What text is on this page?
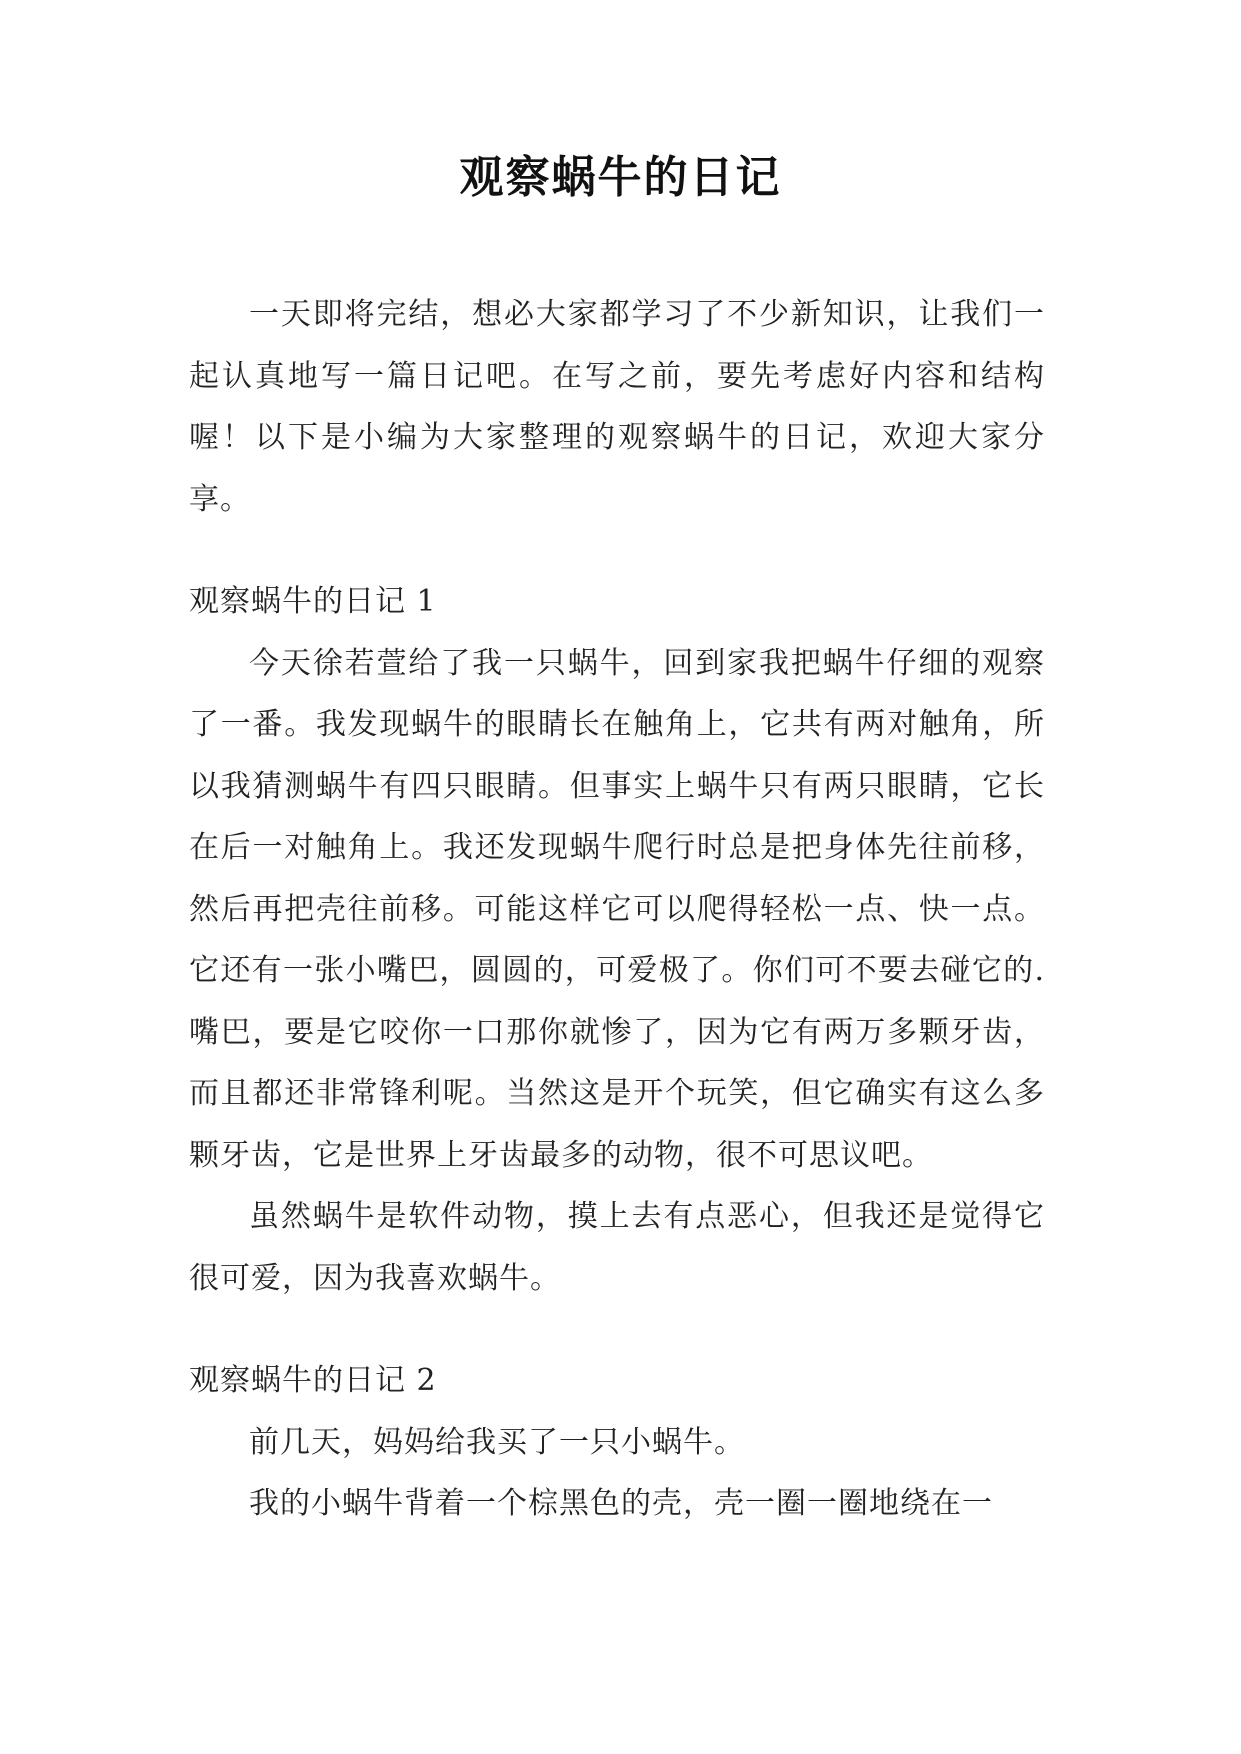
观察蜗牛的日记

一天即将完结，想必大家都学习了不少新知识，让我们一起认真地写一篇日记吧。在写之前，要先考虑好内容和结构喔！以下是小编为大家整理的观察蜗牛的日记，欢迎大家分享。

观察蜗牛的日记 1

今天徐若萱给了我一只蜗牛，回到家我把蜗牛仔细的观察了一番。我发现蜗牛的眼睛长在触角上，它共有两对触角，所以我猜测蜗牛有四只眼睛。但事实上蜗牛只有两只眼睛，它长在后一对触角上。我还发现蜗牛爬行时总是把身体先往前移，然后再把壳往前移。可能这样它可以爬得轻松一点、快一点。它还有一张小嘴巴，圆圆的，可爱极了。你们可不要去碰它的.嘴巴，要是它咬你一口那你就惨了，因为它有两万多颗牙齿，而且都还非常锋利呢。当然这是开个玩笑，但它确实有这么多颗牙齿，它是世界上牙齿最多的动物，很不可思议吧。

虽然蜗牛是软件动物，摸上去有点恶心，但我还是觉得它很可爱，因为我喜欢蜗牛。

观察蜗牛的日记 2

前几天，妈妈给我买了一只小蜗牛。

我的小蜗牛背着一个棕黑色的壳，壳一圈一圈地绕在一
